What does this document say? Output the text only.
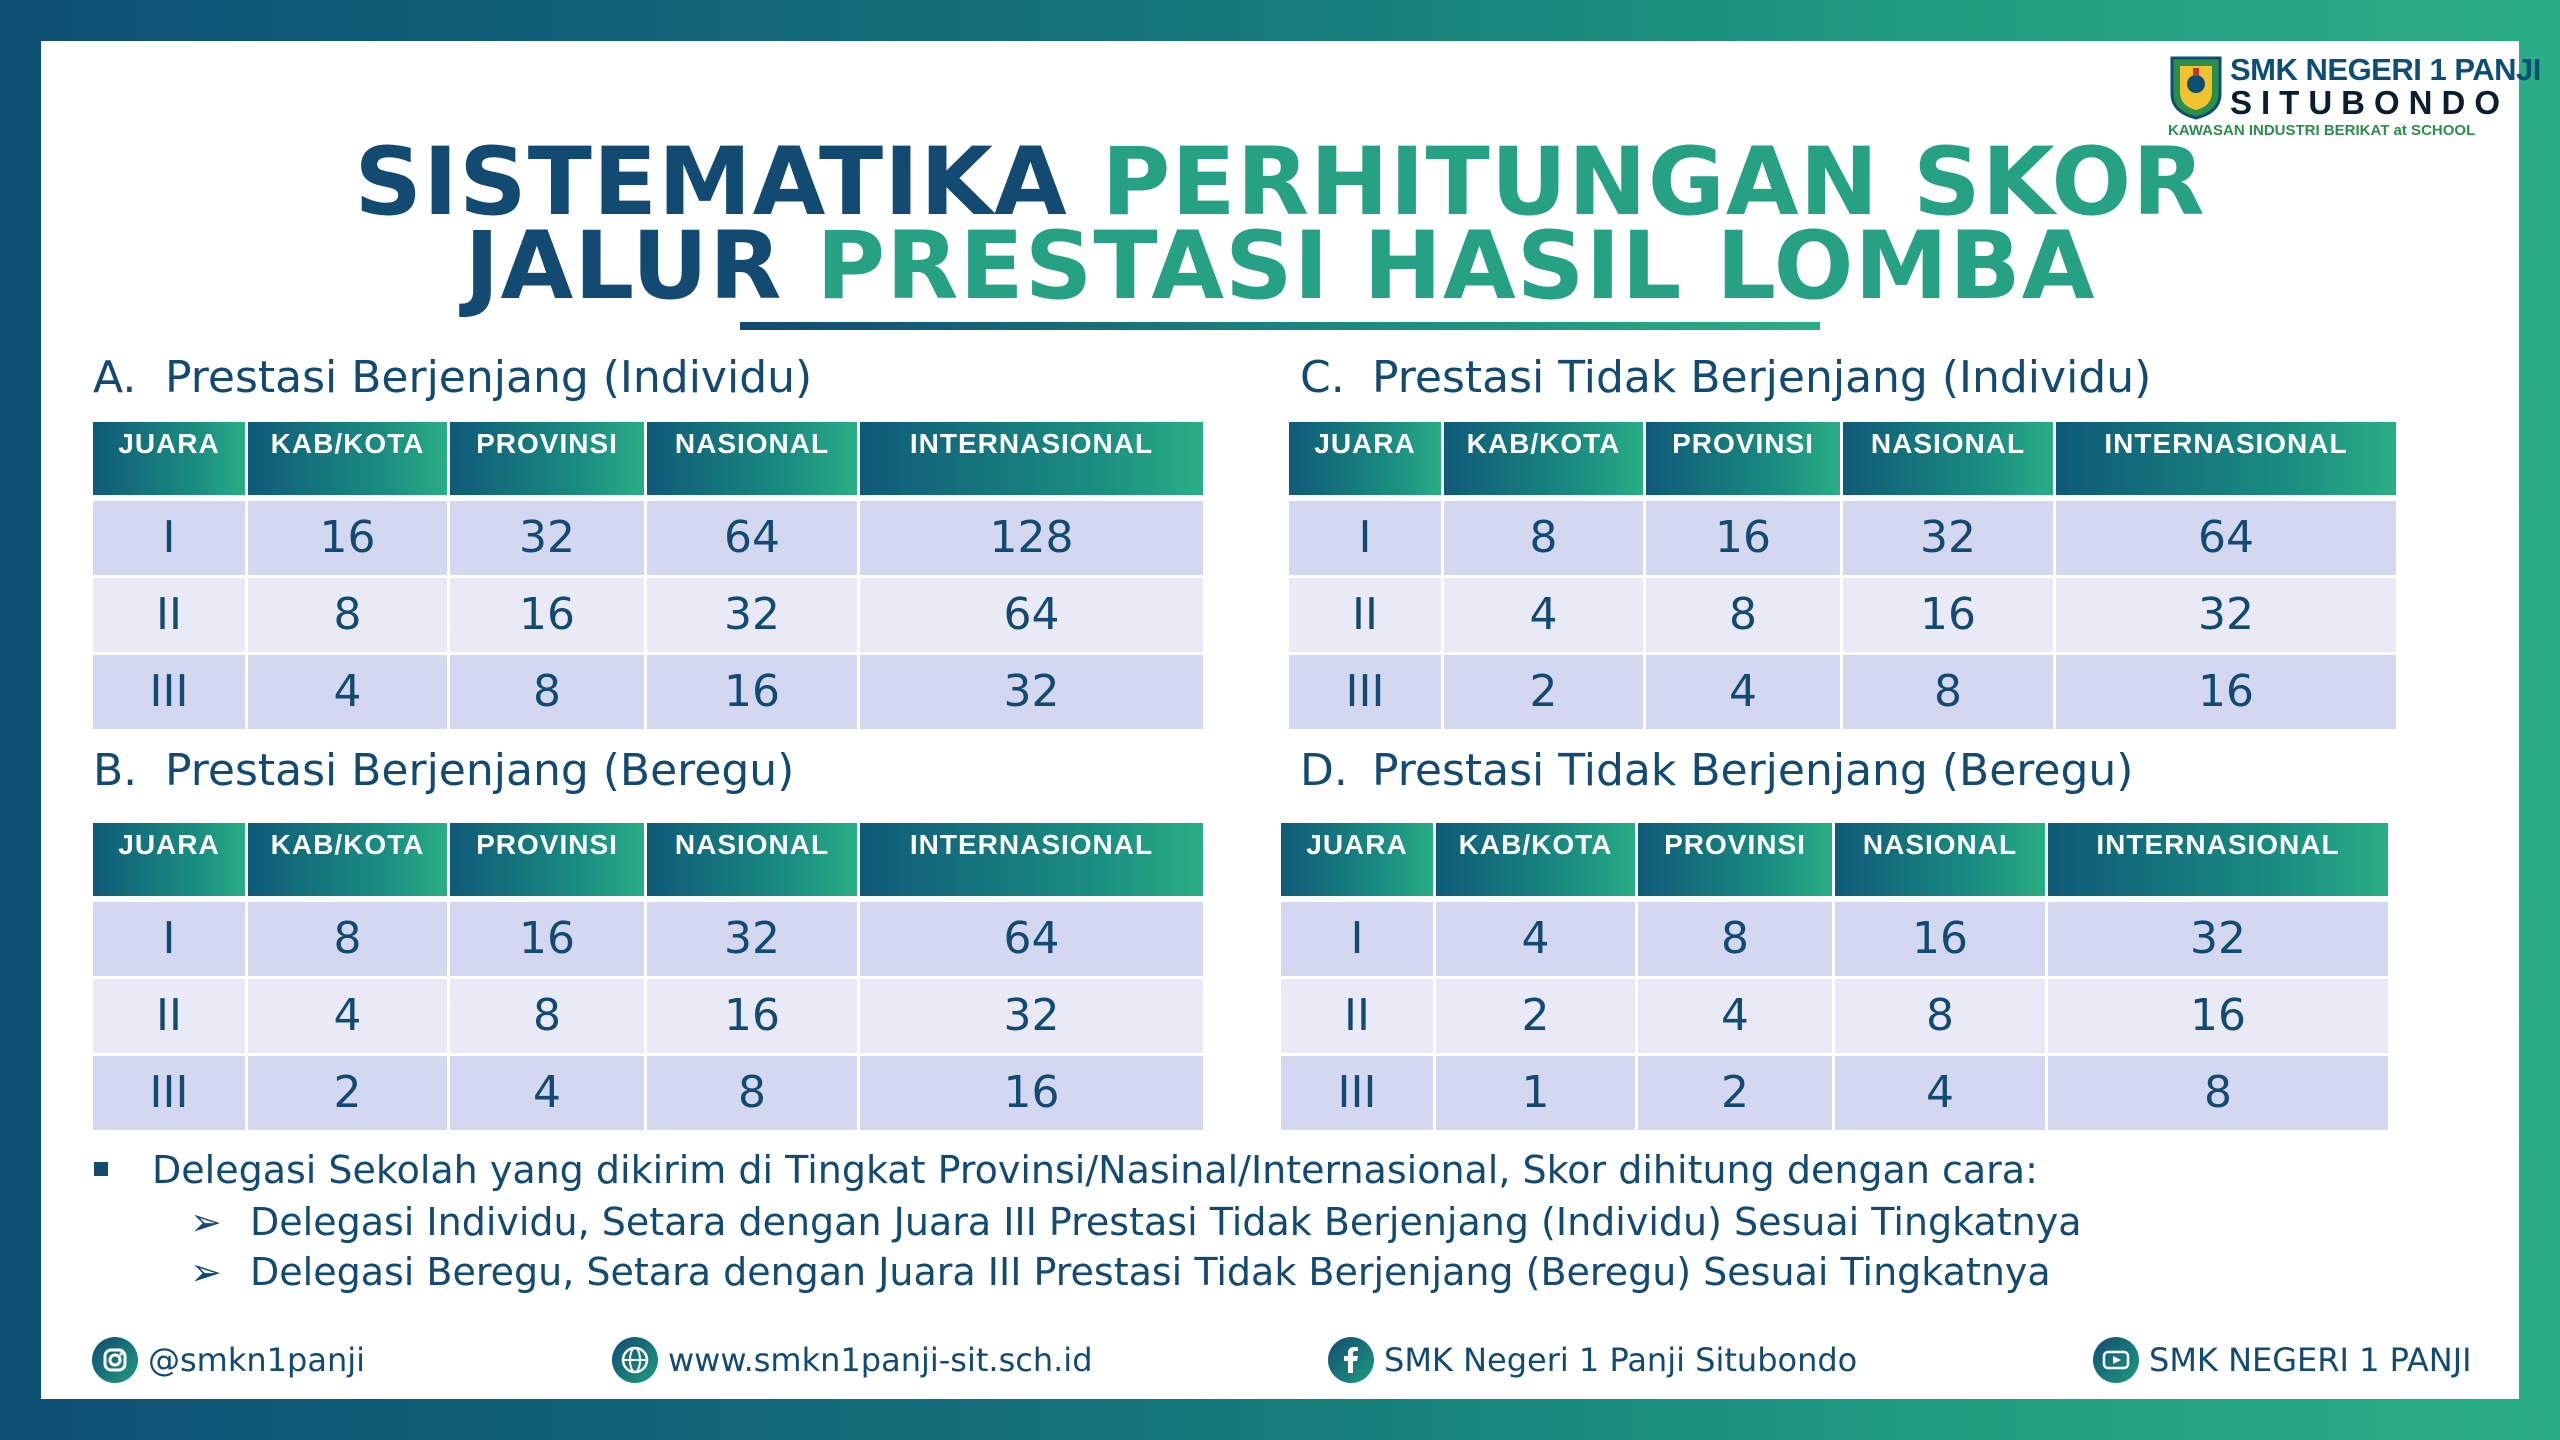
SMK NEGERI 1 PANJI
SITUBONDO
KAWASAN INDUSTRI BERIKAT at SCHOOL
SISTEMATIKA PERHITUNGAN SKOR
JALUR PRESTASI HASIL LOMBA
A. Prestasi Berjenjang (Individu)	C. Prestasi Tidak Berjenjang (Individu)
B. Prestasi Berjenjang (Beregu)	D. Prestasi Tidak Berjenjang (Beregu)
JUARA	KAB/KOTA	PROVINSI	NASIONAL	INTERNASIONAL
I	16	32	64	128
II	8	16	32	64
III	4	8	16	32
JUARA	KAB/KOTA	PROVINSI	NASIONAL	INTERNASIONAL
I	8	16	32	64
II	4	8	16	32
III	2	4	8	16
JUARA	KAB/KOTA	PROVINSI	NASIONAL	INTERNASIONAL
I	8	16	32	64
II	4	8	16	32
III	2	4	8	16
JUARA	KAB/KOTA	PROVINSI	NASIONAL	INTERNASIONAL
I	4	8	16	32
II	2	4	8	16
III	1	2	4	8
Delegasi Sekolah yang dikirim di Tingkat Provinsi/Nasinal/Internasional, Skor dihitung dengan cara:
➢ Delegasi Individu, Setara dengan Juara III Prestasi Tidak Berjenjang (Individu) Sesuai Tingkatnya
➢ Delegasi Beregu, Setara dengan Juara III Prestasi Tidak Berjenjang (Beregu) Sesuai Tingkatnya
@smkn1panji	www.smkn1panji-sit.sch.id	SMK Negeri 1 Panji Situbondo	SMK NEGERI 1 PANJI
